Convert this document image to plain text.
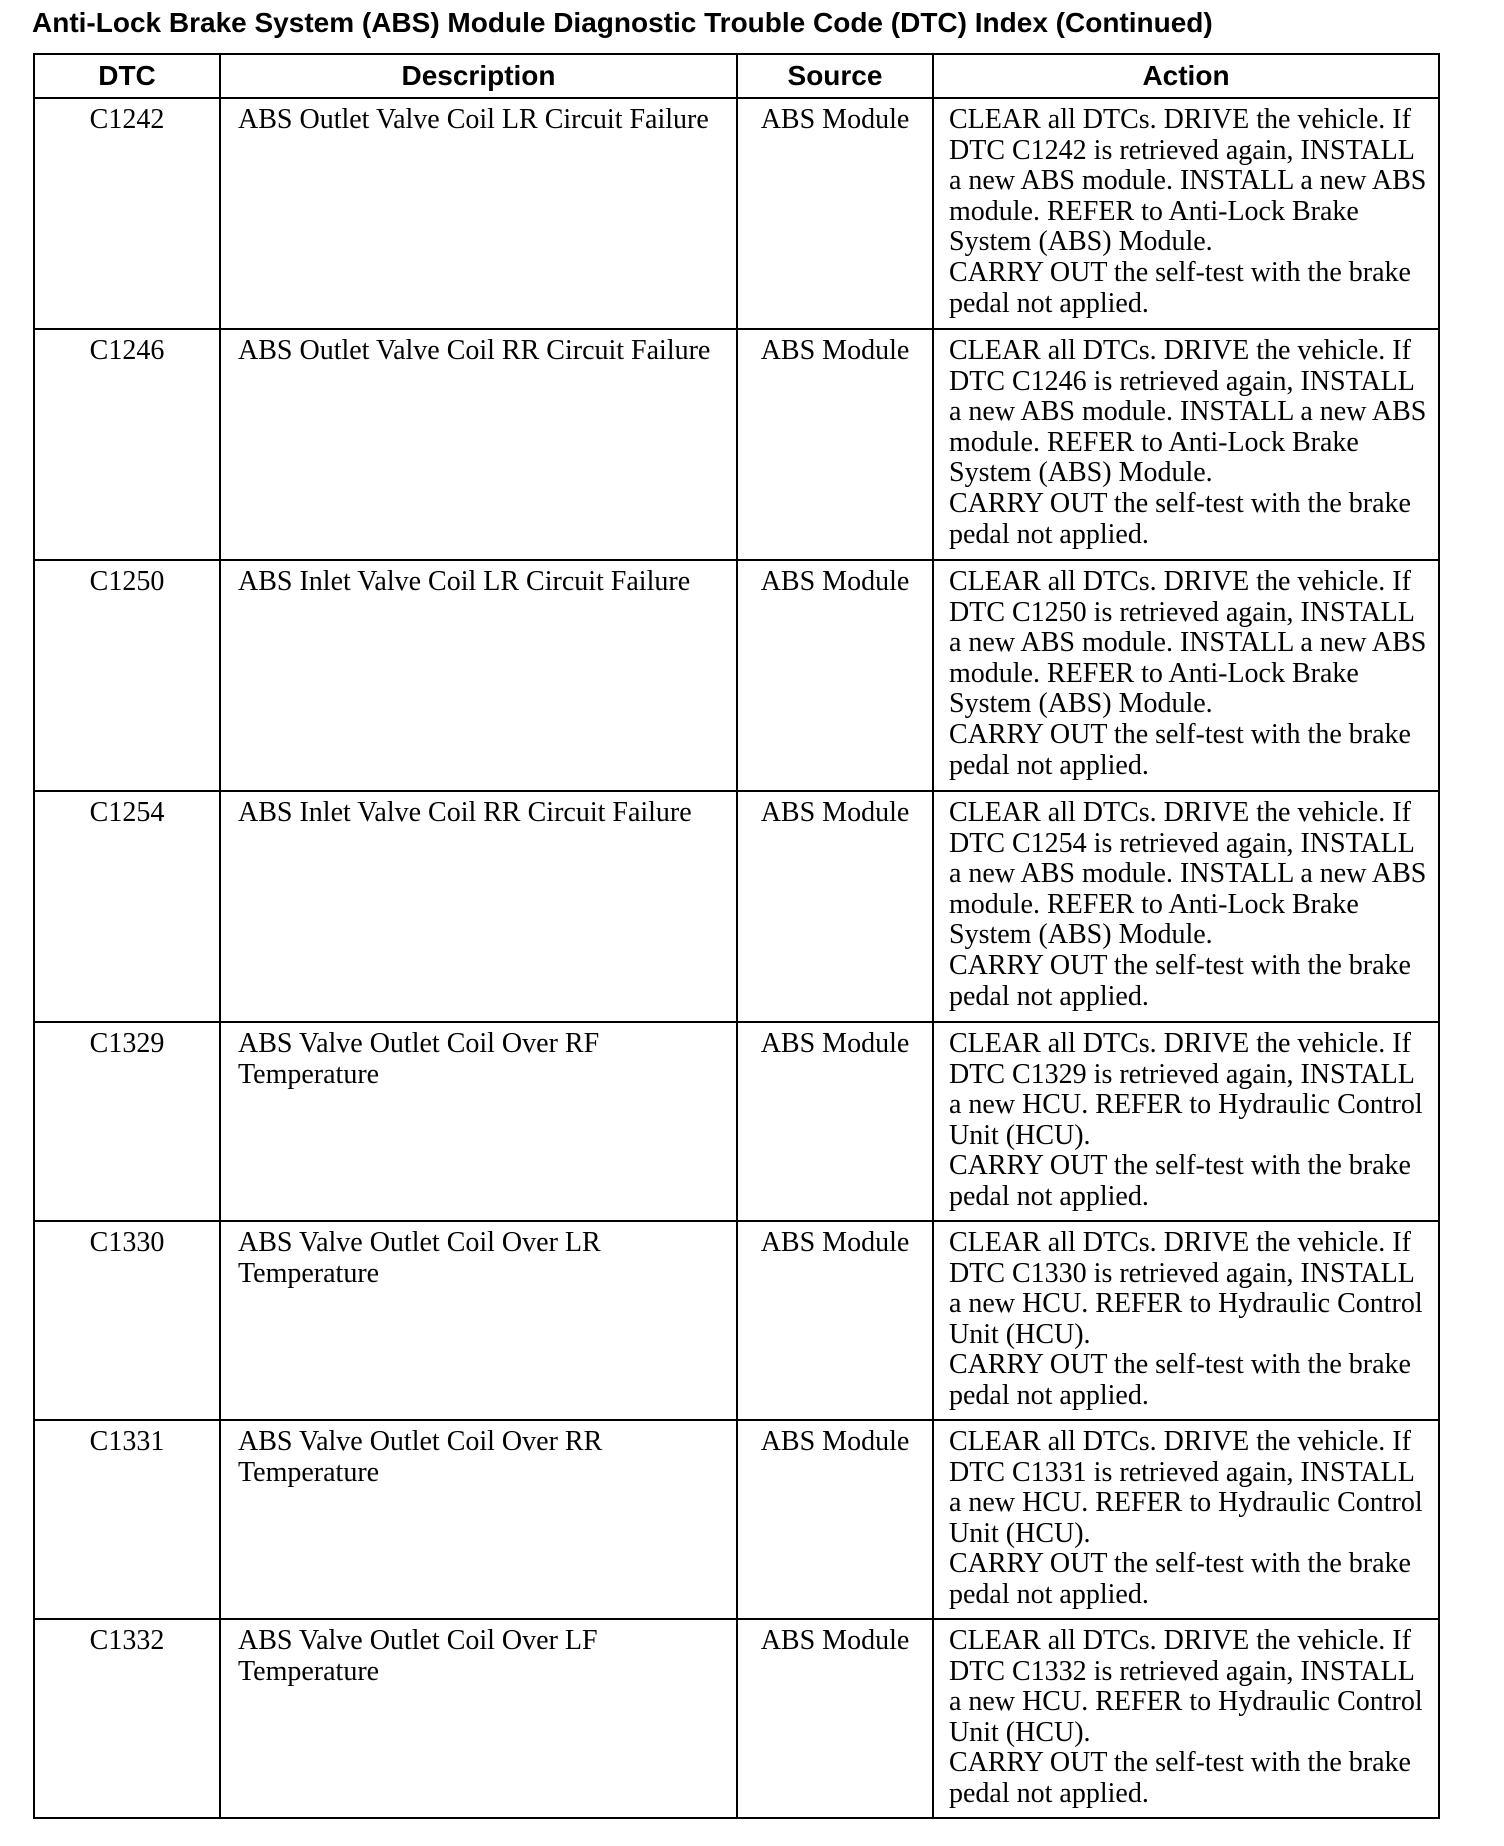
Anti-Lock Brake System (ABS) Module Diagnostic Trouble Code (DTC) Index (Continued)
DTC	Description	Source	Action
C1242	ABS Outlet Valve Coil LR Circuit Failure	ABS Module	CLEAR all DTCs. DRIVE the vehicle. If DTC C1242 is retrieved again, INSTALL a new ABS module. INSTALL a new ABS module. REFER to Anti-Lock Brake System (ABS) Module.
CARRY OUT the self-test with the brake pedal not applied.

C1246	ABS Outlet Valve Coil RR Circuit Failure	ABS Module	CLEAR all DTCs. DRIVE the vehicle. If DTC C1246 is retrieved again, INSTALL a new ABS module. INSTALL a new ABS module. REFER to Anti-Lock Brake System (ABS) Module.
CARRY OUT the self-test with the brake pedal not applied.

C1250	ABS Inlet Valve Coil LR Circuit Failure	ABS Module	CLEAR all DTCs. DRIVE the vehicle. If DTC C1250 is retrieved again, INSTALL a new ABS module. INSTALL a new ABS module. REFER to Anti-Lock Brake System (ABS) Module.
CARRY OUT the self-test with the brake pedal not applied.

C1254	ABS Inlet Valve Coil RR Circuit Failure	ABS Module	CLEAR all DTCs. DRIVE the vehicle. If DTC C1254 is retrieved again, INSTALL a new ABS module. INSTALL a new ABS module. REFER to Anti-Lock Brake System (ABS) Module.
CARRY OUT the self-test with the brake pedal not applied.

C1329	ABS Valve Outlet Coil Over RF Temperature	ABS Module	CLEAR all DTCs. DRIVE the vehicle. If DTC C1329 is retrieved again, INSTALL a new HCU. REFER to Hydraulic Control Unit (HCU).
CARRY OUT the self-test with the brake pedal not applied.

C1330	ABS Valve Outlet Coil Over LR Temperature	ABS Module	CLEAR all DTCs. DRIVE the vehicle. If DTC C1330 is retrieved again, INSTALL a new HCU. REFER to Hydraulic Control Unit (HCU).
CARRY OUT the self-test with the brake pedal not applied.

C1331	ABS Valve Outlet Coil Over RR Temperature	ABS Module	CLEAR all DTCs. DRIVE the vehicle. If DTC C1331 is retrieved again, INSTALL a new HCU. REFER to Hydraulic Control Unit (HCU).
CARRY OUT the self-test with the brake pedal not applied.

C1332	ABS Valve Outlet Coil Over LF Temperature	ABS Module	CLEAR all DTCs. DRIVE the vehicle. If DTC C1332 is retrieved again, INSTALL a new HCU. REFER to Hydraulic Control Unit (HCU).
CARRY OUT the self-test with the brake pedal not applied.
